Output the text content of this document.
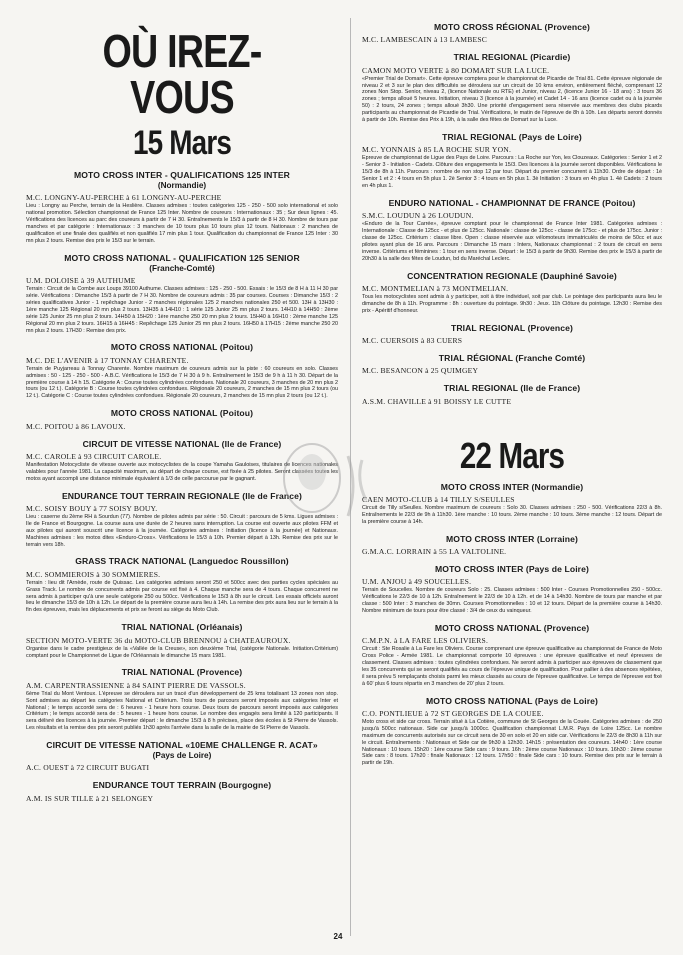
OÙ IREZ-VOUS
15 Mars
MOTO CROSS INTER - QUALIFICATIONS 125 INTER
(Normandie)
M.C. LONGNY-AU-PERCHE à 61 LONGNY-AU-PERCHE

Lieu : Longny au Perche, terrain de la Heslière. Classes admises : toutes catégories 125 - 250 - 500 solo international et solo national promotion. Sélection championnat de France 125 Inter. Nombre de coureurs : Internationaux : 35 ; Sur deux lignes : 45. Vérifications des licences au parc des coureurs à partir de 7 H 30. Entraînements le 15/3 à partir de 8 H 30. Nombre de tours par manches et par catégorie : Internationaux : 3 manches de 10 tours plus 10 tours plus 12 tours. Nationaux : 2 manches de qualification et une finale des qualifiés et non qualifiés 17 min plus 1 tour. Qualification du championnat de France 125 Inter : 30 mn plus 2 tours. Remise des prix le 15/3 sur le terrain.

MOTO CROSS NATIONAL - QUALIFICATION 125 SENIOR
(Franche-Comté)
U.M. DOLOISE à 39 AUTHUME

Terrain : Circuit de la Combe aux Loups 39100 Authume. Classes admises : 125 - 250 - 500. Essais : le 15/3 de 8 H à 11 H 30 par série. Vérifications : Dimanche 15/3 à partir de 7 H 30. Nombre de coureurs admis : 35 par courses. Courses : Dimanche 15/3 : 2 séries qualificatives Junior - 1 repêchage Junior - 2 manches régionales 125 2 manches nationales 250 et 500. 13H à 13H30 : 1ère manche 125 Régional 20 mn plus 2 tours. 13H35 à 14H10 : 1 série 125 Junior 25 mn plus 2 tours. 14H10 à 14H50 : 2ème série 125 Junior 25 mn plus 2 tours. 14H50 à 15H20 : 1ère manche 250 20 mn plus 2 tours. 15H40 à 16H10 : 2ème manche 125 Régional 20 mn plus 2 tours. 16H15 à 16H45 : Repêchage 125 Junior 25 mn plus 2 tours. 16H50 à 17H15 : 2ème manche 250 20 mn plus 2 tours. 17H30 : Remise des prix.

MOTO CROSS NATIONAL (Poitou)
M.C. DE L'AVENIR à 17 TONNAY CHARENTE.

Terrain de Puyjarreau à Tonnay Charente. Nombre maximum de coureurs admis sur la piste : 60 coureurs en solo. Classes admises : 50 - 125 - 250 - 500 - A.B.C. Vérifications le 15/3 de 7 H 30 à 9 h. Entraînement le 15/3 de 9 h à 11 h 30. Départ de la première course à 14 h 15. Catégorie A : Course toutes cylindrées confondues. Nationale 20 coureurs, 3 manches de 20 mn plus 2 tours (ou 12 t.). Catégorie B : Course toutes cylindrées confondues. Régionale 20 coureurs, 2 manches de 15 mn plus 2 tours (ou 12 t.). Catégorie C : Course toutes cylindrées confondues. Régionale 20 coureurs, 2 manches de 15 mn plus 2 tours (ou 12 t.).

MOTO CROSS NATIONAL (Poitou)
M.C. POITOU à 86 LAVOUX.
CIRCUIT DE VITESSE NATIONAL (Ile de France)
M.C. CAROLE à 93 CIRCUIT CAROLE.

Manifestation Motocycliste de vitesse ouverte aux motocyclistes de la coupe Yamaha Gauloises, titulaires de licences nationales valables pour l'année 1981. La capacité maximum, au départ de chaque course, est fixée à 25 pilotes. Seront classées toutes les motos ayant accompli une distance minimale équivalent à 1/3 de celle parcourue par le gagnant.

ENDURANCE TOUT TERRAIN REGIONALE (Ile de France)
M.C. SOISY BOUY à 77 SOISY BOUY.

Lieu : caserne du 2ème RH à Sourdun (77). Nombre de pilotes admis par série : 50. Circuit : parcours de 5 kms. Ligues admises : Ile de France et Bourgogne. La course aura une durée de 2 heures sans interruption. La course est ouverte aux pilotes FFM et aux pilotes qui auront souscrit une licence à la journée. Catégories admises : Initiation (licence à la journée) et Nationaux. Machines admises : les motos dites «Enduro-Cross». Vérifications le 15/3 à 10h. Premier départ à 13h. Remise des prix sur le terrain vers 18h.

GRASS TRACK NATIONAL (Languedoc Roussillon)
M.C. SOMMIEROIS à 30 SOMMIERES.

Terrain : lieu dit l'Arnède, route de Quissac. Les catégories admises seront 250 et 500cc avec des parties cycles spéciales au Grass Track. Le nombre de concurrents admis par course est fixé à 4. Chaque manche sera de 4 tours. Chaque concurrent ne sera admis à participer qu'à une seule catégorie 250 ou 500cc. Vérifications le 15/3 à 8h sur le circuit. Les essais officiels auront lieu le dimanche 15/3 de 10h à 12h. Le départ de la première course aura lieu à 14h. La remise des prix aura lieu sur le terrain à la fin des épreuves, mais les déplacements et prix se feront au siège du Moto Club.

TRIAL NATIONAL (Orléanais)
SECTION MOTO-VERTE 36 du MOTO-CLUB BRENNOU à CHATEAUROUX.

Organise dans le cadre prestigieux de la «Vallée de la Creuse», son deuxième Trial, (catégorie Nationale. Initiation.Critérium) comptant pour le Championnet de Ligue de l'Orléannais le dimanche 15 mars 1981.

TRIAL NATIONAL (Provence)
A.M. CARPENTRASSIENNE à 84 SAINT PIERRE DE VASSOLS.

6ème Trial du Mont Ventoux. L'épreuve se déroulera sur un tracé d'un développement de 25 kms totalisant 13 zones non stop. Sont admises au départ les catégories National et Critérium. Trois tours de parcours seront imposés aux catégories Inter et National ; le temps accordé sera de : 6 heures - 1 heure hors course. Deux tours de parcours seront imposés aux catégories Critérium ; le temps accordé sera de : 5 heures - 1 heure hors course. Le nombre des engagés sera limité à 120 participants. Il sera délivré des licences à la journée. Premier départ : le dimanche 15/3 à 8 h précises, place des écoles à St Pierre de Vassols. Les résultats et la remise des prix seront publiés 1h30 après l'arrivée dans la salle de la mairie de St Pierre de Vassols.

CIRCUIT DE VITESSE NATIONAL «10EME CHALLENGE R. ACAT»
(Pays de Loire)
A.C. OUEST à 72 CIRCUIT BUGATI
ENDURANCE TOUT TERRAIN (Bourgogne)
A.M. IS SUR TILLE à 21 SELONGEY
MOTO CROSS RÉGIONAL (Provence)
M.C. LAMBESCAIN à 13 LAMBESC
TRIAL REGIONAL (Picardie)
CAMON MOTO VERTE à 80 DOMART SUR LA LUCE.

«Premier Trial de Domart». Cette épreuve comptera pour le championnat de Picardie de Trial 81. Cette épreuve régionale de niveau 2 et 3 sur le plan des difficultés se déroulera sur un circuit de 10 kms environ, entièrement fléché, comprenant 12 zones Non Stop. Senior, niveau 2, (licence Nationale ou RTE) et Junior, niveau 2, (licence Junior 16 - 18 ans) : 3 tours 36 zones ; temps alloué 5 heures. Initiation, niveau 3 (licence à la journée) et Cadet 14 - 16 ans (licence cadet ou à la journée 50) : 2 tours, 24 zones ; temps alloué 3h30. Une priorité d'engagement sera réservée aux membres des clubs picards participants au championnat de Picardie de Trial. Vérifications, le matin de l'épreuve de 8h à 10h. Les départs seront donnés à partir de 10h. Remise des Prix à 19h, à la salle des fêtes de Domart sur la Luce.

TRIAL REGIONAL (Pays de Loire)
M.C. YONNAIS à 85 LA ROCHE SUR YON.

Epreuve de championnat de Ligue des Pays de Loire. Parcours : La Roche sur Yon, les Clouzeaux. Catégories : Senior 1 et 2 - Senior 3 - Initiation - Cadets. Clôture des engagements le 15/3. Des licences à la journée seront disponibles. Vérifications le 15/3 de 8h à 11h. Parcours : nombre de non stop 12 par tour. Départ du premier concurrent à 11h30. Ordre de départ : 1è Senior 1 et 2 : 4 tours en 5h plus 1. 2è Senior 3 : 4 tours en 5h plus 1. 3è Initiation : 3 tours en 4h plus 1. 4è Cadets : 2 tours en 4h plus 1.

ENDURO NATIONAL - CHAMPIONNAT DE FRANCE (Poitou)
S.M.C. LOUDUN à 26 LOUDUN.

«Enduro de la Tour Carrée», épreuve comptant pour le championnat de France Inter 1981. Catégories admises : Internationale : Classe de 125cc - et plus de 125cc. Nationale : classe de 125cc - classe de 175cc - et plus de 175cc. Junior : classe de 125cc. Critérium : classe libre. Open : classe réservée aux vélomoteurs immatriculés de moins de 50cc et aux pilotes ayant plus de 16 ans. Parcours : Dimanche 15 mars : Inters, Nationaux championnat : 2 tours de circuit en sens inverse. Critériums et féminines : 1 tour en sens inverse. Départ : le 15/3 à partir de 9h30. Remise des prix le 15/3 à partir de 20h30 à la salle des fêtes de Loudun, bd du Maréchal Leclerc.

CONCENTRATION REGIONALE (Dauphiné Savoie)
M.C. MONTMELIAN à 73 MONTMELIAN.

Tous les motocyclistes sont admis à y participer, soit à titre individuel, soit par club. Le pointage des participants aura lieu le dimanche de 8h à 11h. Programme : 8h : ouverture du pointage. 9h30 : Jeux. 11h Clôture du pointage. 12h30 : Remise des prix - Apéritif d'honneur.

TRIAL REGIONAL (Provence)
M.C. CUERSOIS à 83 CUERS
TRIAL RÉGIONAL (Franche Comté)
M.C. BESANCON à 25 QUIMGEY
TRIAL REGIONAL (Ile de France)
A.S.M. CHAVILLE à 91 BOISSY LE CUTTE
22 Mars
MOTO CROSS INTER (Normandie)
CAEN MOTO-CLUB à 14 TILLY S/SEULLES

Circuit de Tilly s/Seulles. Nombre maximum de coureurs : Solo 30. Classes admises : 250 - 500. Vérifications 22/3 à 8h. Entraînements le 22/3 de 9h à 11h30. 1ère manche : 10 tours. 2ème manche : 10 tours. 3ème manche : 12 tours. Départ de la première course à 14h.

MOTO CROSS INTER (Lorraine)
G.M.A.C. LORRAIN à 55 LA VALTOLINE.
MOTO CROSS INTER (Pays de Loire)
U.M. ANJOU à 49 SOUCELLES.

Terrain de Soucelles. Nombre de coureurs Solo : 25. Classes admises : 500 Inter - Courses Promotionnelles 250 - 500cc. Vérifications le 22/3 de 10 à 12h. Entraînement le 22/3 de 10 à 12h. et de 14 à 14h30. Nombre de tours par manche et par classe : 500 Inter : 3 manches de 30mn. Courses Promotionnelles : 10 et 12 tours. Départ de la première course à 14h30. Nombre minimum de tours pour être classé : 3/4 de ceux du vainqueur.

MOTO CROSS NATIONAL (Provence)
C.M.P.N. à LA FARE LES OLIVIERS.

Circuit : Ste Rosalie à La Fare les Oliviers. Course comprenant une épreuve qualificative au championnat de France de Moto Cross Police - Armée 1981. Le championnat comporte 10 épreuves : une épreuve qualificative et neuf épreuves de classement. Classes admises : toutes cylindrées confondues. Ne seront admis à participer aux épreuves de classement que les 35 concurrents qui se seront qualifiés au cours de l'épreuve unique de qualification. Pour pallier à des absences répétées, il sera prévu 5 remplaçants choisis parmi les mieux classés au cours de l'épreuve qualificative. Le temps de l'épreuve est fixé à 60' plus 6 tours répartis en 3 manches de 20' plus 2 tours.

MOTO CROSS NATIONAL (Pays de Loire)
C.O. PONTLIEUE à 72 ST GEORGES DE LA COUEE.

Moto cross et side car cross. Terrain situé à La Cotière, commune de St Georges de la Couée. Catégories admises : de 250 jusqu'à 500cc nationaux. Side car jusqu'à 1000cc. Qualification championnat L.M.R. Pays de Loire 125cc. Le nombre maximum de concurrents autorisés sur ce circuit sera de 30 en solo et 20 en side car. Vérifications le 22/3 de 8h30 à 11h sur le circuit. Entraînements : Nationaux et Side car de 9h30 à 12h30. 14h15 : présentation des coureurs. 14h40 : 1ère course Nationaux : 10 tours. 15h20 : 1ère course Side cars : 9 tours. 16h : 2ème course Nationaux : 10 tours. 16h30 : 2ème course Side cars : 8 tours. 17h20 : finale Nationaux : 12 tours. 17h50 : finale Side cars : 10 tours. Remise des prix sur le terrain à partir de 19h.

24
